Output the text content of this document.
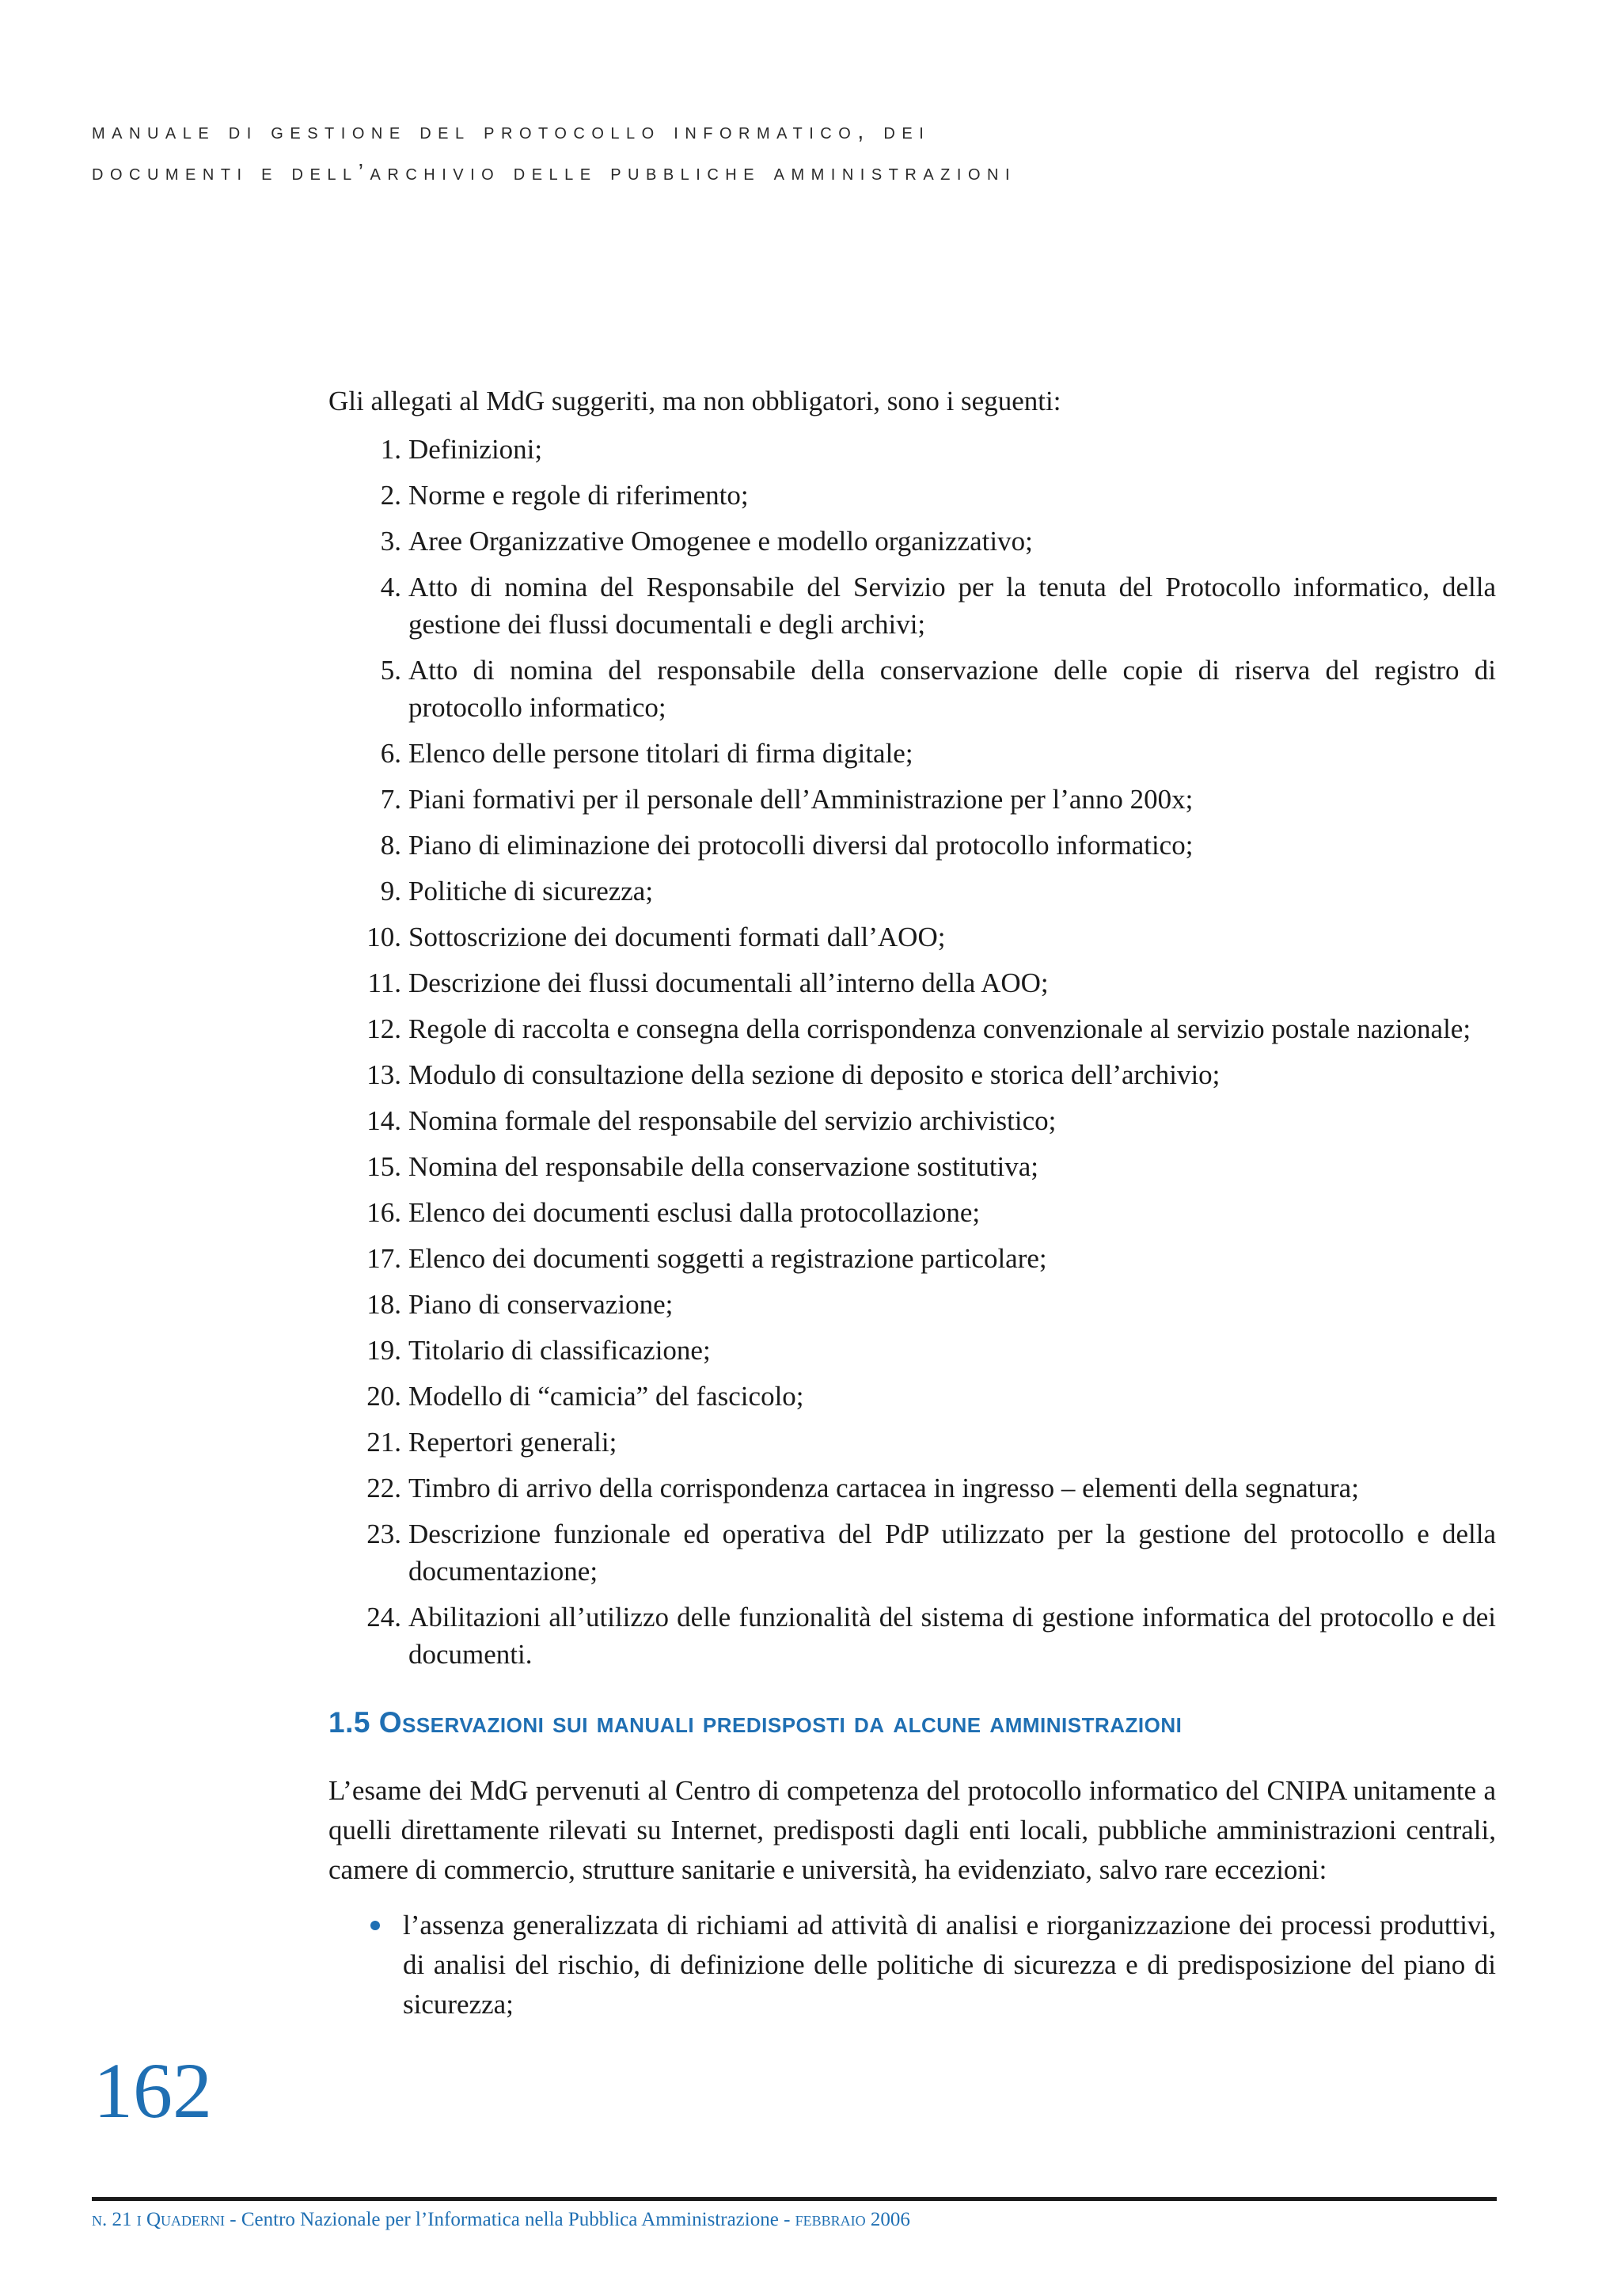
manuale di gestione del protocollo informatico, dei
documenti e dell’archivio delle pubbliche amministrazioni

Gli allegati al MdG suggeriti, ma non obbligatori, sono i seguenti:

1. Definizioni;
2. Norme e regole di riferimento;
3. Aree Organizzative Omogenee e modello organizzativo;
4. Atto di nomina del Responsabile del Servizio per la tenuta del Protocollo informatico, della gestione dei flussi documentali e degli archivi;
5. Atto di nomina del responsabile della conservazione delle copie di riserva del registro di protocollo informatico;
6. Elenco delle persone titolari di firma digitale;
7. Piani formativi per il personale dell’Amministrazione per l’anno 200x;
8. Piano di eliminazione dei protocolli diversi dal protocollo informatico;
9. Politiche di sicurezza;
10. Sottoscrizione dei documenti formati dall’AOO;
11. Descrizione dei flussi documentali all’interno della AOO;
12. Regole di raccolta e consegna della corrispondenza convenzionale al servizio postale nazionale;
13. Modulo di consultazione della sezione di deposito e storica dell’archivio;
14. Nomina formale del responsabile del servizio archivistico;
15. Nomina del responsabile della conservazione sostitutiva;
16. Elenco dei documenti esclusi dalla protocollazione;
17. Elenco dei documenti soggetti a registrazione particolare;
18. Piano di conservazione;
19. Titolario di classificazione;
20. Modello di “camicia” del fascicolo;
21. Repertori generali;
22. Timbro di arrivo della corrispondenza cartacea in ingresso – elementi della segnatura;
23. Descrizione funzionale ed operativa del PdP utilizzato per la gestione del protocollo e della documentazione;
24. Abilitazioni all’utilizzo delle funzionalità del sistema di gestione informatica del protocollo e dei documenti.
1.5 Osservazioni sui manuali predisposti da alcune amministrazioni

L’esame dei MdG pervenuti al Centro di competenza del protocollo informatico del CNIPA unitamente a quelli direttamente rilevati su Internet, predisposti dagli enti locali, pubbliche amministrazioni centrali, camere di commercio, strutture sanitarie e università, ha evidenziato, salvo rare eccezioni:

l’assenza generalizzata di richiami ad attività di analisi e riorganizzazione dei processi produttivi, di analisi del rischio, di definizione delle politiche di sicurezza e di predisposizione del piano di sicurezza;
162
n. 21 i Quaderni - Centro Nazionale per l’Informatica nella Pubblica Amministrazione - febbraio 2006
